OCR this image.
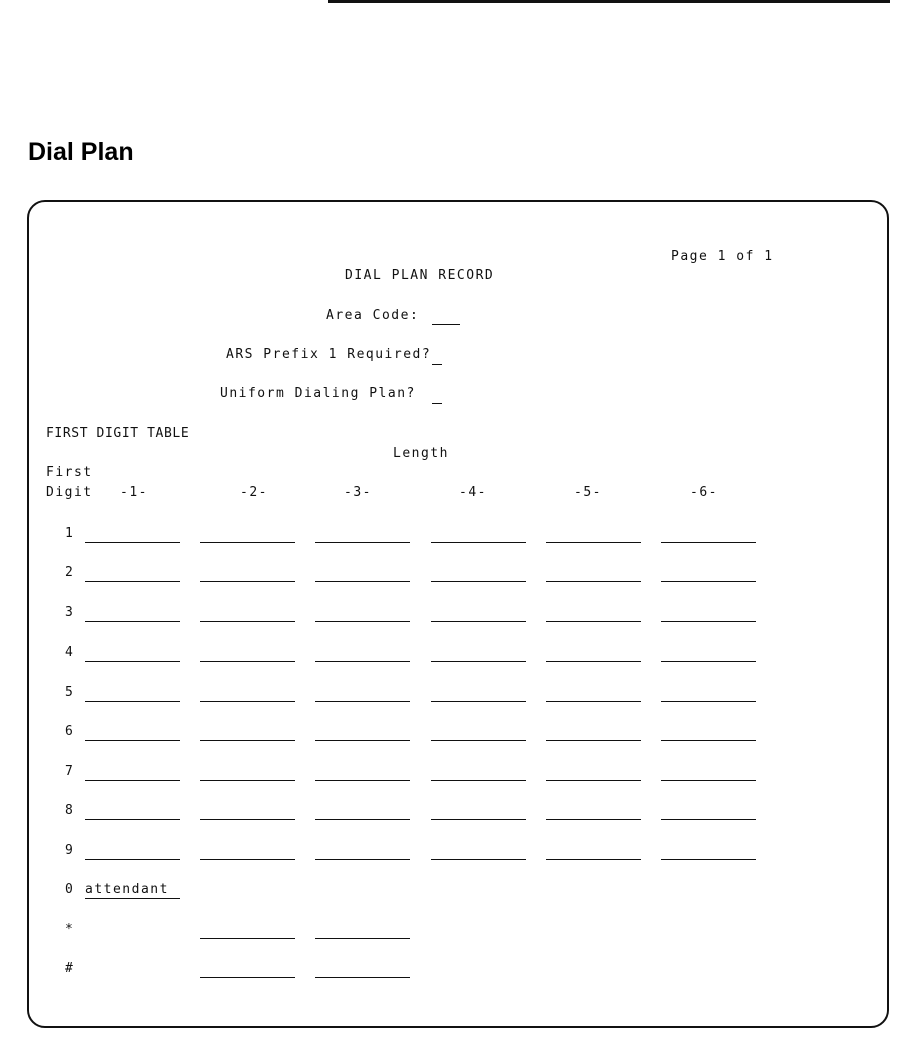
Dial Plan
Page 1 of 1
DIAL PLAN RECORD
Area Code:
ARS Prefix 1 Required?
Uniform Dialing Plan?
FIRST DIGIT TABLE
Length
First
Digit -1-	-2-	-3-	-4-	-5-	-6-
1
2
3
4
5
6
7
8
9
0 attendant
*
#
